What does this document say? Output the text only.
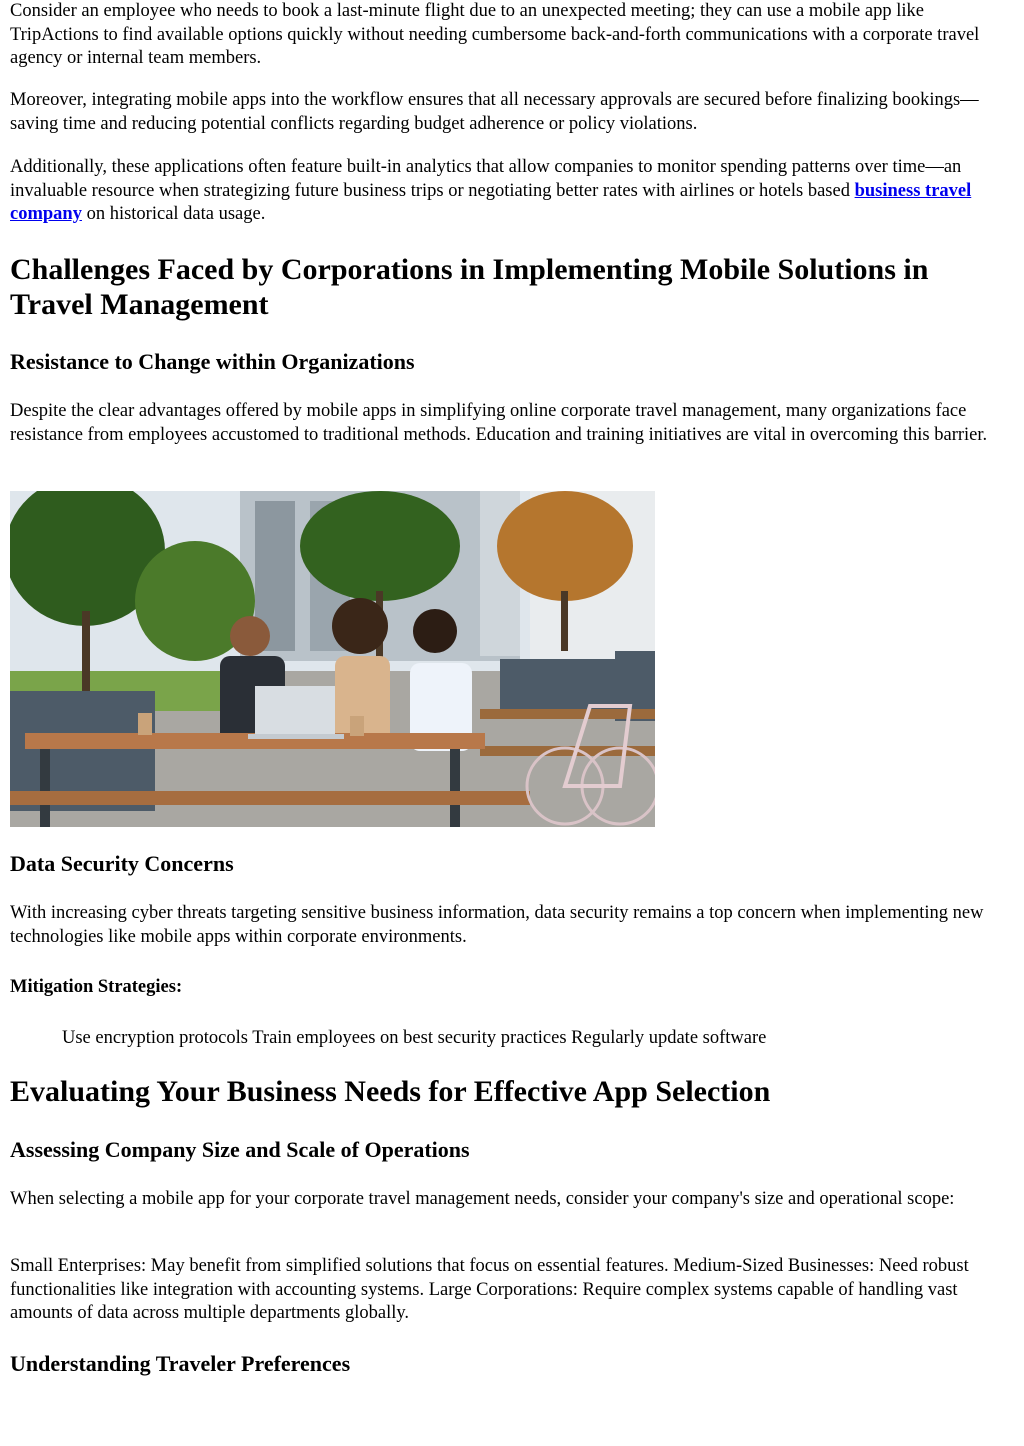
Consider an employee who needs to book a last-minute flight due to an unexpected meeting; they can use a mobile app like TripActions to find available options quickly without needing cumbersome back-and-forth communications with a corporate travel agency or internal team members.

Moreover, integrating mobile apps into the workflow ensures that all necessary approvals are secured before finalizing bookings—saving time and reducing potential conflicts regarding budget adherence or policy violations.

Additionally, these applications often feature built-in analytics that allow companies to monitor spending patterns over time—an invaluable resource when strategizing future business trips or negotiating better rates with airlines or hotels based business travel company on historical data usage.

Challenges Faced by Corporations in Implementing Mobile Solutions in Travel Management
Resistance to Change within Organizations

Despite the clear advantages offered by mobile apps in simplifying online corporate travel management, many organizations face resistance from employees accustomed to traditional methods. Education and training initiatives are vital in overcoming this barrier.

Data Security Concerns

With increasing cyber threats targeting sensitive business information, data security remains a top concern when implementing new technologies like mobile apps within corporate environments.

Mitigation Strategies:

Use encryption protocols Train employees on best security practices Regularly update software

Evaluating Your Business Needs for Effective App Selection
Assessing Company Size and Scale of Operations

When selecting a mobile app for your corporate travel management needs, consider your company's size and operational scope:

Small Enterprises: May benefit from simplified solutions that focus on essential features. Medium-Sized Businesses: Need robust functionalities like integration with accounting systems. Large Corporations: Require complex systems capable of handling vast amounts of data across multiple departments globally.

Understanding Traveler Preferences
